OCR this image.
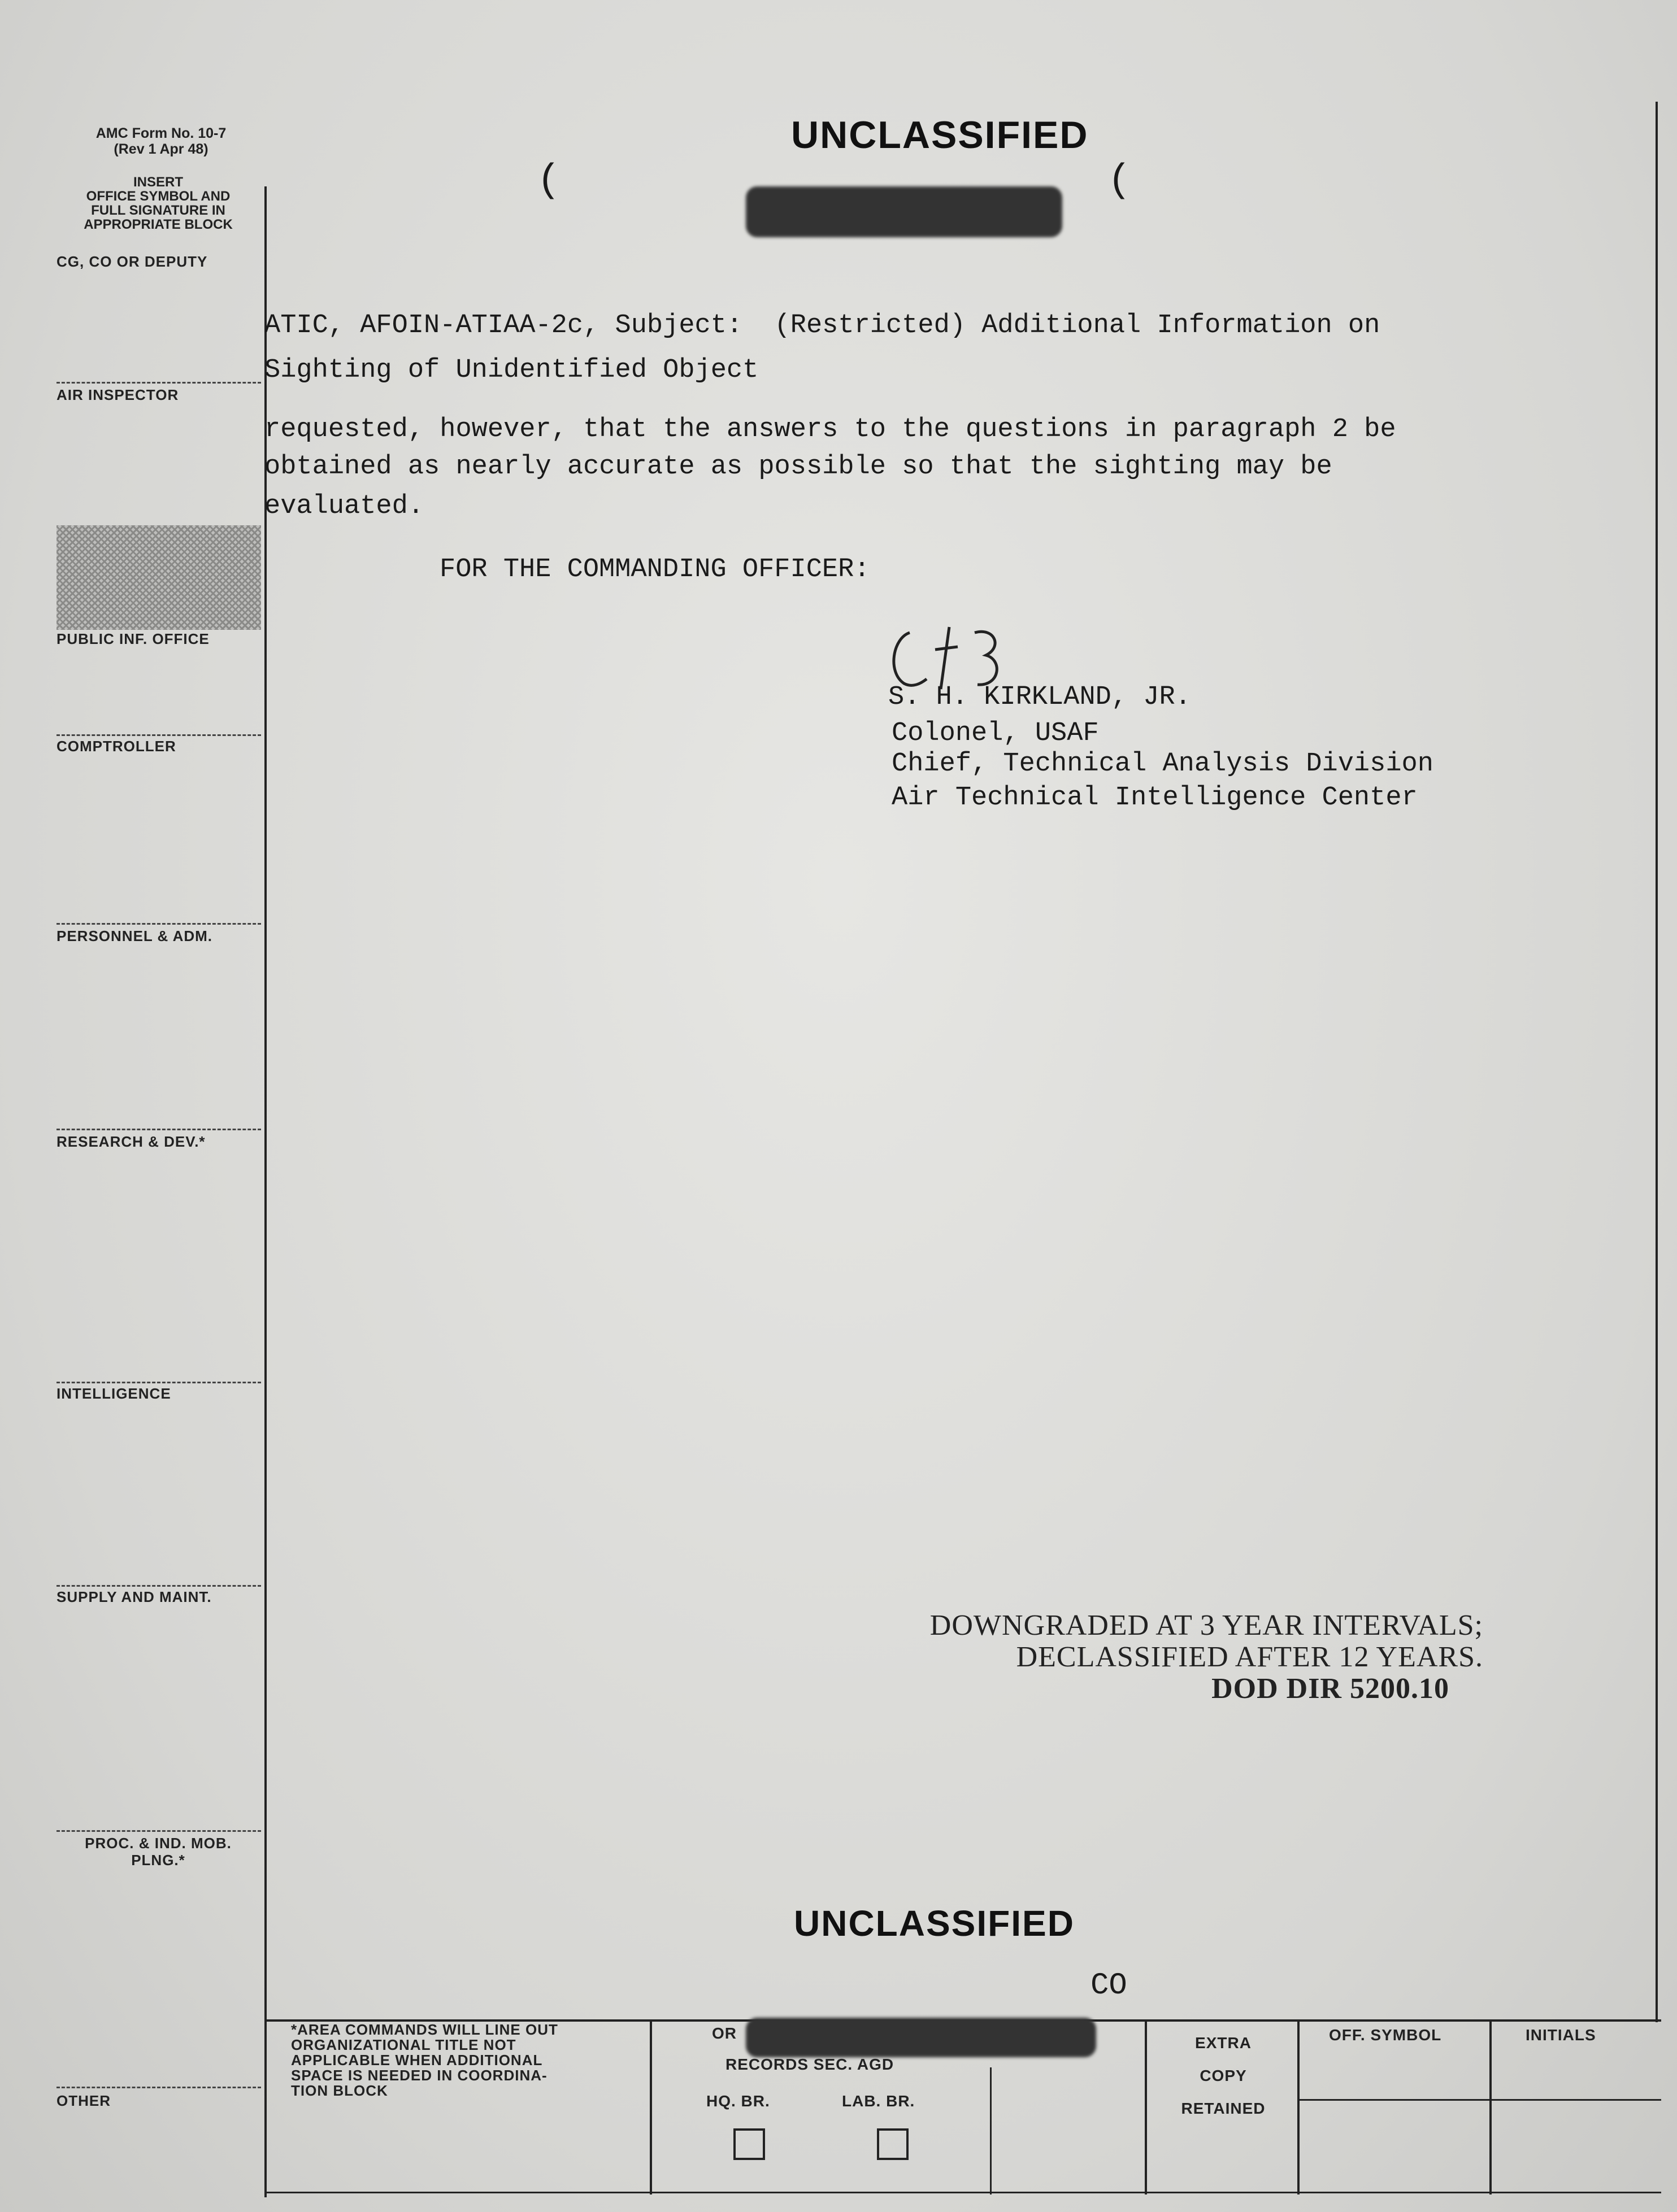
AMC Form No. 10-7
(Rev 1 Apr 48)
INSERT
OFFICE SYMBOL AND
FULL SIGNATURE IN
APPROPRIATE BLOCK
CG, CO OR DEPUTY
AIR INSPECTOR
PUBLIC INF. OFFICE
COMPTROLLER
PERSONNEL & ADM.
RESEARCH & DEV.*
INTELLIGENCE
SUPPLY AND MAINT.
PROC. & IND. MOB.
PLNG.*
OTHER
UNCLASSIFIED
(	(
ATIC, AFOIN-ATIAA-2c, Subject:  (Restricted) Additional Information on
Sighting of Unidentified Object
requested, however, that the answers to the questions in paragraph 2 be
obtained as nearly accurate as possible so that the sighting may be
evaluated.
FOR THE COMMANDING OFFICER:
S. H. KIRKLAND, JR.
Colonel, USAF
Chief, Technical Analysis Division
Air Technical Intelligence Center
DOWNGRADED AT 3 YEAR INTERVALS;
DECLASSIFIED AFTER 12 YEARS.
DOD DIR 5200.10
UNCLASSIFIED
CO
*AREA COMMANDS WILL LINE OUT
ORGANIZATIONAL TITLE NOT
APPLICABLE WHEN ADDITIONAL
SPACE IS NEEDED IN COORDINA-
TION BLOCK
OR
RECORDS SEC. AGD
HQ. BR.	LAB. BR.
EXTRA
COPY
RETAINED
OFF. SYMBOL	INITIALS
